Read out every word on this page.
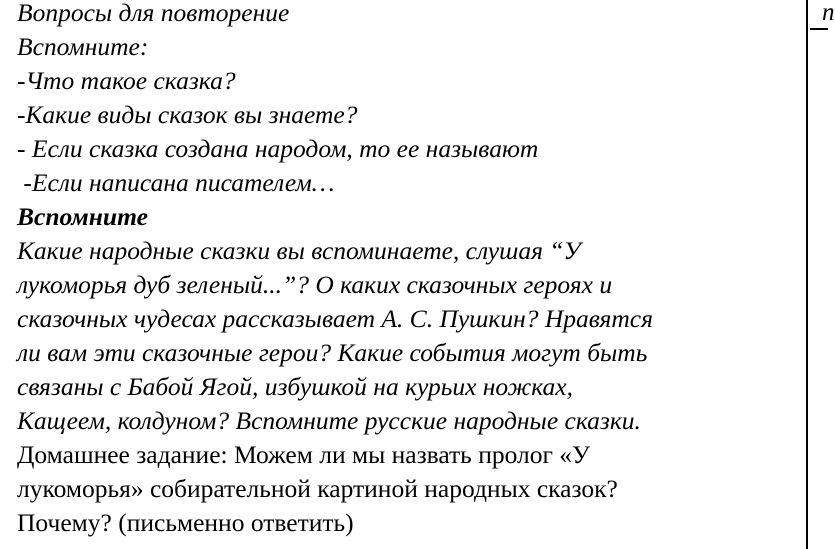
Вопросы для повторение
Вспомните:
-Что такое сказка?
-Какие виды сказок вы знаете?
- Если сказка создана народом, то ее называют
-Если написана писателем…
Вспомните
Какие народные сказки вы вспоминаете, слушая “У
лукоморья дуб зеленый...”? О каких сказочных героях и
сказочных чудесах рассказывает А. С. Пушкин? Нравятся
ли вам эти сказочные герои? Какие события могут быть
связаны с Бабой Ягой, избушкой на курьих ножках,
Кащеем, колдуном? Вспомните русские народные сказки.
Домашнее задание: Можем ли мы назвать пролог «У
лукоморья» собирательной картиной народных сказок?
Почему? (письменно ответить)
п
